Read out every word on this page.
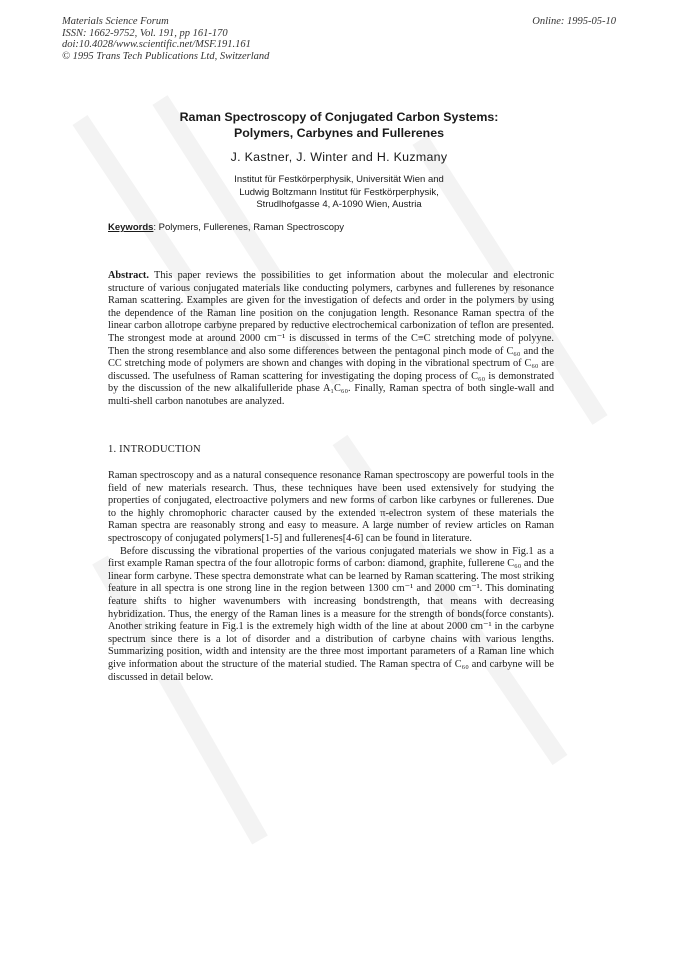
Materials Science Forum
ISSN: 1662-9752, Vol. 191, pp 161-170
doi:10.4028/www.scientific.net/MSF.191.161
© 1995 Trans Tech Publications Ltd, Switzerland
Online: 1995-05-10
Raman Spectroscopy of Conjugated Carbon Systems:
Polymers, Carbynes and Fullerenes
J. Kastner, J. Winter and H. Kuzmany
Institut für Festkörperphysik, Universität Wien and
Ludwig Boltzmann Institut für Festkörperphysik,
Strudlhofgasse 4, A-1090 Wien, Austria
Keywords: Polymers, Fullerenes, Raman Spectroscopy
Abstract. This paper reviews the possibilities to get information about the molecular and electronic structure of various conjugated materials like conducting polymers, carbynes and fullerenes by resonance Raman scattering. Examples are given for the investigation of defects and order in the polymers by using the dependence of the Raman line position on the conjugation length. Resonance Raman spectra of the linear carbon allotrope carbyne prepared by reductive electrochemical carbonization of teflon are presented. The strongest mode at around 2000 cm⁻¹ is discussed in terms of the C≡C stretching mode of polyyne. Then the strong resemblance and also some differences between the pentagonal pinch mode of C₆₀ and the CC stretching mode of polymers are shown and changes with doping in the vibrational spectrum of C₆₀ are discussed. The usefulness of Raman scattering for investigating the doping process of C₆₀ is demonstrated by the discussion of the new alkalifulleride phase A₁C₆₀. Finally, Raman spectra of both single-wall and multi-shell carbon nanotubes are analyzed.
1. INTRODUCTION

Raman spectroscopy and as a natural consequence resonance Raman spectroscopy are powerful tools in the field of new materials research. Thus, these techniques have been used extensively for studying the properties of conjugated, electroactive polymers and new forms of carbon like carbynes or fullerenes. Due to the highly chromophoric character caused by the extended π-electron system of these materials the Raman spectra are reasonably strong and easy to measure. A large number of review articles on Raman spectroscopy of conjugated polymers[1-5] and fullerenes[4-6] can be found in literature.

Before discussing the vibrational properties of the various conjugated materials we show in Fig.1 as a first example Raman spectra of the four allotropic forms of carbon: diamond, graphite, fullerene C₆₀ and the linear form carbyne. These spectra demonstrate what can be learned by Raman scattering. The most striking feature in all spectra is one strong line in the region between 1300 cm⁻¹ and 2000 cm⁻¹. This dominating feature shifts to higher wavenumbers with increasing bondstrength, that means with decreasing hybridization. Thus, the energy of the Raman lines is a measure for the strength of bonds(force constants). Another striking feature in Fig.1 is the extremely high width of the line at about 2000 cm⁻¹ in the carbyne spectrum since there is a lot of disorder and a distribution of carbyne chains with various lengths. Summarizing position, width and intensity are the three most important parameters of a Raman line which give information about the structure of the material studied. The Raman spectra of C₆₀ and carbyne will be discussed in detail below.
